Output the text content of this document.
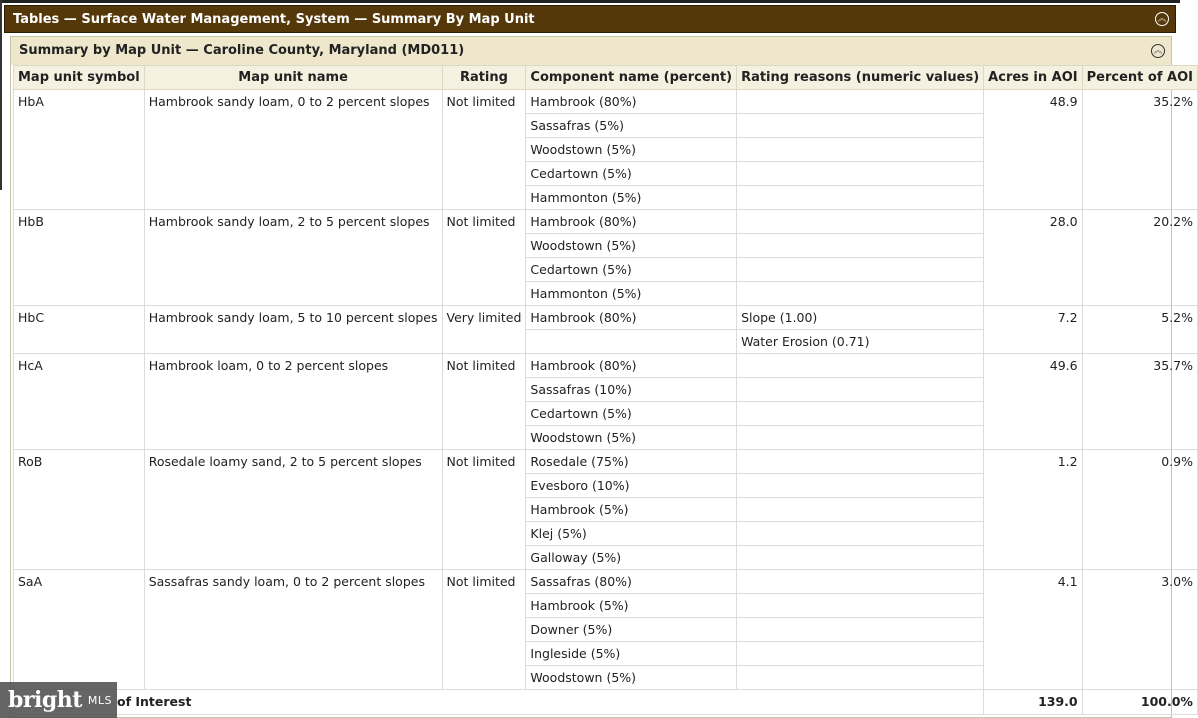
Tables — Surface Water Management, System — Summary By Map Unit	︽
Summary by Map Unit — Caroline County, Maryland (MD011)	︽
Map unit symbol	Map unit name	Rating	Component name (percent)	Rating reasons (numeric values)	Acres in AOI	Percent of AOI
HbA	Hambrook sandy loam, 0 to 2 percent slopes	Not limited	Hambrook (80%)		48.9	35.2%
			Sassafras (5%)			
			Woodstown (5%)			
			Cedartown (5%)			
			Hammonton (5%)			
HbB	Hambrook sandy loam, 2 to 5 percent slopes	Not limited	Hambrook (80%)		28.0	20.2%
			Woodstown (5%)			
			Cedartown (5%)			
			Hammonton (5%)			
HbC	Hambrook sandy loam, 5 to 10 percent slopes	Very limited	Hambrook (80%)	Slope (1.00)	7.2	5.2%
				Water Erosion (0.71)		
HcA	Hambrook loam, 0 to 2 percent slopes	Not limited	Hambrook (80%)		49.6	35.7%
			Sassafras (10%)			
			Cedartown (5%)			
			Woodstown (5%)			
RoB	Rosedale loamy sand, 2 to 5 percent slopes	Not limited	Rosedale (75%)		1.2	0.9%
			Evesboro (10%)			
			Hambrook (5%)			
			Klej (5%)			
			Galloway (5%)			
SaA	Sassafras sandy loam, 0 to 2 percent slopes	Not limited	Sassafras (80%)		4.1	3.0%
			Hambrook (5%)			
			Downer (5%)			
			Ingleside (5%)			
			Woodstown (5%)			
of Interest					139.0	100.0%
bright MLS
